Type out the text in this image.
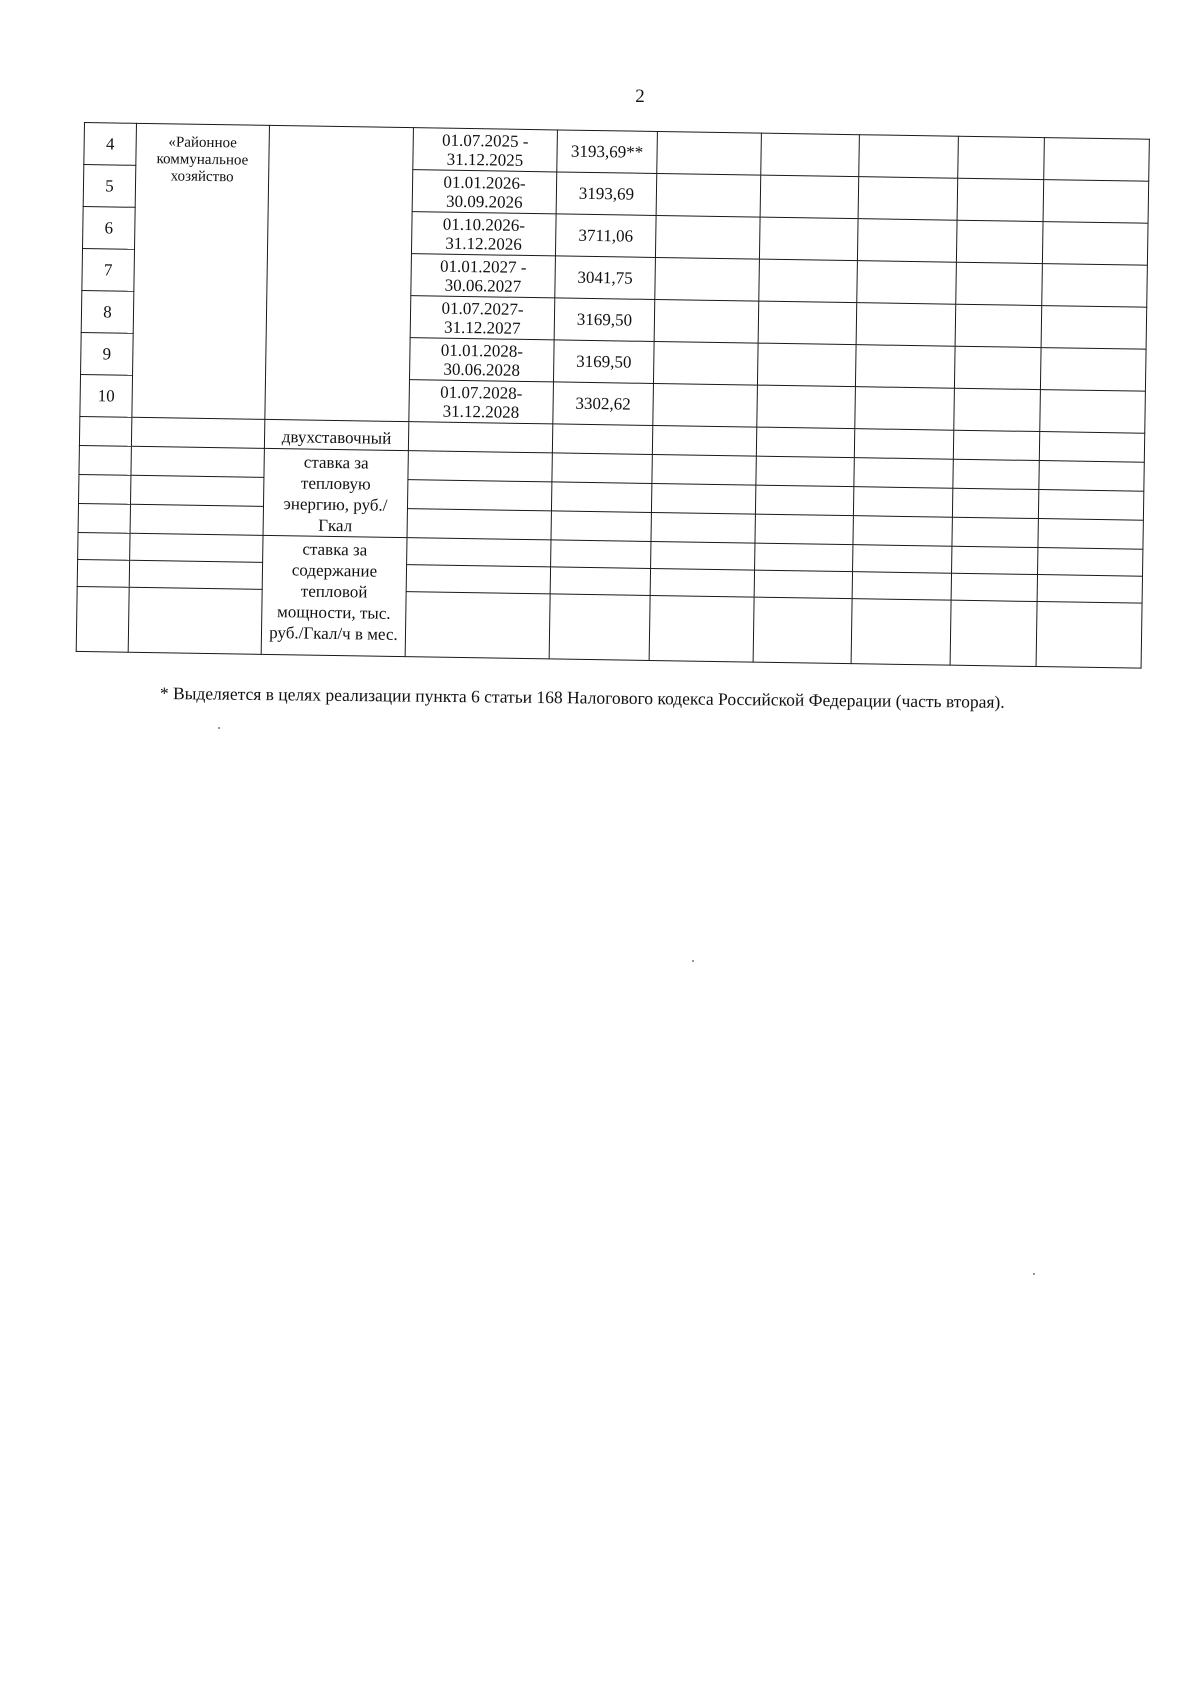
2
4	«Районное коммунальное хозяйство		01.07.2025 -
31.12.2025	3193,69**					
5			01.01.2026-
30.09.2026	3193,69					
6			01.10.2026-
31.12.2026	3711,06					
7			01.01.2027 -
30.06.2027	3041,75					
8			01.07.2027-
31.12.2027	3169,50					
9			01.01.2028-
30.06.2028	3169,50					
10			01.07.2028-
31.12.2028	3302,62					
		двухставочный							
		ставка за тепловую энергию, руб./Гкал							

		ставка за содержание тепловой мощности, тыс. руб./Гкал/ч в мес.							

* Выделяется в целях реализации пункта 6 статьи 168 Налогового кодекса Российской Федерации (часть вторая).
